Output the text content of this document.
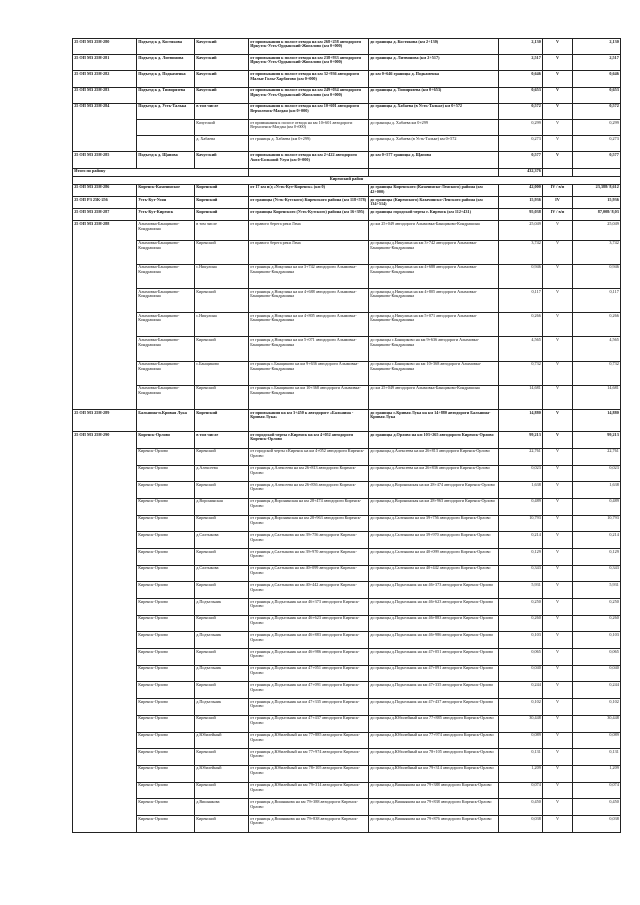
25 ОП МЗ 25Н-280	Подъезд к д. Костякова	Качугский	от примыкания к полосе отвода на км 268+258 автодороги Иркутск-Усть-Ордынский-Жигалово (км 0+000)	до границы д. Костякова (км 2+130)	2,130	V	2,130
25 ОП МЗ 25Н-281	Подъезд к д. Литвинова	Качугский	от примыкания к полосе отвода на км 238+933 автодороги Иркутск-Усть-Ордынский-Жигалово (км 0+000)	до границы д. Литвинова (км 2+517)	2,517	V	2,517
25 ОП МЗ 25Н-282	Подъезд к д. Подкаменка	Качугский	от примыкания к полосе отвода на км 32+936 автодороги Малые Голы-Харбатово (км 0+000)	до км 0+646 границы д. Подкаменка	0,646	V	0,646
25 ОП МЗ 25Н-283	Подъезд к д. Тимирязева	Качугский	от примыкания к полосе отвода на км 249+034 автодороги Иркутск-Усть-Ордынский-Жигалово (км 0+000)	до границы д. Тимирязева (км 0+653)	0,653	V	0,653
25 ОП МЗ 25Н-284	Подъезд к д. Усть-Талька	в том числе	от примыкания к полосе отвода на км 10+601 автодороги Верхоленск-Магдан (км 0+000)	до границы д. Хабаева (в Усть-Тальке) км 0+572	0,572	V	0,572
		Качугский	от примыкания к полосе отвода на км 10+601 автодороги Верхоленск-Магдан (км 0+000)	до границы д. Хабаева км 0+299	0,299	V	0,299
		д. Хабаева	от границы д. Хабаева (км 0+299)	до границы д. Хабаева (в Усть-Тальке) км 0+572	0,273	V	0,273
25 ОП МЗ 25Н-285	Подъезд к д. Щапова	Качугский	от примыкания к полосе отвода на км 2+422 автодороги Анга-Большой Улун (км 0+000)	до км 0+577 границы д. Щапова	0,577	V	0,577
Итого по району					432,376		
Киренский район							
25 ОП МЗ 25Н-286	Киренск-Казачинское	Киренский	от 17 км п/д «Усть-Кут-Киренск» (км 0)	до границы Киренского (Казачинско-Ленского) района (км 42+000)	42,000	IV / в/п	23,388/ 8,612
25 ОП РЗ 25К-256	Усть-Кут-Уоян	Киренский	от границы (Усть-Кутского) Киренского района (км 118+578)	до границы (Киренского) Казачинско-Ленского района (км 134+514)	15,936	IV	15,936
25 ОП МЗ 25Н-287	Усть-Кут-Киренск	Киренский	от границы Киренского (Усть-Кутского) района (км 16+395)	до границы городской черты г. Киренск (км 112+431)	95,038	IV / в/п	87,008/ 8,03
25 ОП МЗ 25Н-288	Алымовка-Банщиково-Кондрашина	в том числе	от правого берега реки Лена	до км 25+049 автодороги Алымовка-Банщиково-Кондрашина	25,049	V	25,049
	Алымовка-Банщиково-Кондрашина	Киренский	от правого берега реки Лена	до границы д.Никулина на км 3+742 автодороги Алымовка-Банщиково-Кондрашина	3,742	V	3,742
	Алымовка-Банщиково-Кондрашина	с.Никулина	от границы д.Никулина на км 3+742 автодороги Алымовка-Банщиково-Кондрашина	до границы д.Никулина на км 4+688 автодороги Алымовка-Банщиково-Кондрашина	0,946	V	0,946
	Алымовка-Банщиково-Кондрашина	Киренский	от границы д.Никулина на км 4+688 автодороги Алымовка-Банщиково-Кондрашина	до границы д.Никулина на км 4+805 автодороги Алымовка-Банщиково-Кондрашина	0,117	V	0,117
	Алымовка-Банщиково-Кондрашина	с.Никулина	от границы д.Никулина на км 4+805 автодороги Алымовка-Банщиково-Кондрашина	до границы д.Никулина на км 5+071 автодороги Алымовка-Банщиково-Кондрашина	0,266	V	0,266
	Алымовка-Банщиково-Кондрашина	Киренский	от границы д.Никулина на км 5+071 автодороги Алымовка-Банщиково-Кондрашина	до границы с.Банщиково на км 9+636 автодороги Алымовка-Банщиково-Кондрашина	4,565	V	4,565
	Алымовка-Банщиково-Кондрашина	с.Банщиково	от границы с.Банщиково на км 9+636 автодороги Алымовка-Банщиково-Кондрашина	до границы с.Банщиково на км 10+368 автодороги Алымовка-Банщиково-Кондрашина	0,732	V	0,732
	Алымовка-Банщиково-Кондрашина	Киренский	от границы с.Банщиково на км 10+368 автодороги Алымовка-Банщиково-Кондрашина	до км 25+049 автодороги Алымовка-Банщиково-Кондрашина	14,681	V	14,681
25 ОП МЗ 25Н-289	Бальнина-п.Кривая Лука	Киренский	от примыкания на км 3+450 к автодороге «Бальнина - Кривая Лука»	до границы с.Кривая Лука на км 14+880 автодороги Бальнина-Кривая Лука	14,880	V	14,880
25 ОП МЗ 25Н-290	Киренск-Орлово	в том числе	от городской черты г.Киренск на км 4+052 автодороги Киренск-Орлово	до границы д.Орлово на км 103+265 автодороги Киренск-Орлово	99,213	V	99,213
	Киренск-Орлово	Киренский	от городской черты г.Киренск на км 4+052 автодороги Киренск-Орлово	до границы д.Алексеева на км 26+813 автодороги Киренск-Орлово	22,761	V	22,761
	Киренск-Орлово	д.Алексеева	от границы д.Алексеева на км 26+813 автодороги Киренск-Орлово	до границы д.Алексеева на км 26+836 автодороги Киренск-Орлово	0,023	V	0,023
	Киренск-Орлово	Киренский	от границы д.Алексеева на км 26+836 автодороги Киренск-Орлово	до границы д.Воронинская на км 28+474 автодороги Киренск-Орлово	1,638	V	1,638
	Киренск-Орлово	д.Воронинская	от границы д.Воронинская на км 28+474 автодороги Киренск-Орлово	до границы д.Воронинская на км 28+963 автодороги Киренск-Орлово	0,489	V	0,489
	Киренск-Орлово	Киренский	от границы д.Воронинская на км 28+963 автодороги Киренск-Орлово	до границы д.Салтыкова на км 39+756 автодороги Киренск-Орлово	10,793	V	10,793
	Киренск-Орлово	д.Салтыкова	от границы д.Салтыкова на км 39+756 автодороги Киренск-Орлово	до границы д.Салтыкова на км 39+970 автодороги Киренск-Орлово	0,214	V	0,214
	Киренск-Орлово	Киренский	от границы д.Салтыкова на км 39+970 автодороги Киренск-Орлово	до границы д.Салтыкова на км 40+099 автодороги Киренск-Орлово	0,129	V	0,129
	Киренск-Орлово	д.Салтыкова	от границы д.Салтыкова на км 40+099 автодороги Киренск-Орлово	до границы д.Салтыкова на км 40+442 автодороги Киренск-Орлово	0,343	V	0,343
	Киренск-Орлово	Киренский	от границы д.Салтыкова на км 40+442 автодороги Киренск-Орлово	до границы д.Подъельник на км 46+373 автодороги Киренск-Орлово	5,931	V	5,931
	Киренск-Орлово	д.Подъельник	от границы д.Подъельник на км 46+373 автодороги Киренск-Орлово	до границы д.Подъельник на км 46+623 автодороги Киренск-Орлово	0,250	V	0,250
	Киренск-Орлово	Киренский	от границы д.Подъельник на км 46+623 автодороги Киренск-Орлово	до границы д.Подъельник на км 46+883 автодороги Киренск-Орлово	0,260	V	0,260
	Киренск-Орлово	д.Подъельник	от границы д.Подъельник на км 46+883 автодороги Киренск-Орлово	до границы д.Подъельник на км 46+986 автодороги Киренск-Орлово	0,103	V	0,103
	Киренск-Орлово	Киренский	от границы д.Подъельник на км 46+986 автодороги Киренск-Орлово	до границы д.Подъельник на км 47+051 автодороги Киренск-Орлово	0,065	V	0,065
	Киренск-Орлово	д.Подъельник	от границы д.Подъельник на км 47+051 автодороги Киренск-Орлово	до границы д.Подъельник на км 47+091 автодороги Киренск-Орлово	0,040	V	0,040
	Киренск-Орлово	Киренский	от границы д.Подъельник на км 47+091 автодороги Киренск-Орлово	до границы д.Подъельник на км 47+335 автодороги Киренск-Орлово	0,244	V	0,244
	Киренск-Орлово	д.Подъельник	от границы д.Подъельник на км 47+335 автодороги Киренск-Орлово	до границы д.Подъельник на км 47+437 автодороги Киренск-Орлово	0,102	V	0,102
	Киренск-Орлово	Киренский	от границы д.Подъельник на км 47+437 автодороги Киренск-Орлово	до границы д.Юбилейный на км 77+885 автодороги Киренск-Орлово	30,448	V	30,448
	Киренск-Орлово	д.Юбилейный	от границы д.Юбилейный на км 77+885 автодороги Киренск-Орлово	до границы д.Юбилейный на км 77+974 автодороги Киренск-Орлово	0,089	V	0,089
	Киренск-Орлово	Киренский	от границы д.Юбилейный на км 77+974 автодороги Киренск-Орлово	до границы д.Юбилейный на км 78+105 автодороги Киренск-Орлово	0,131	V	0,131
	Киренск-Орлово	д.Юбилейный	от границы д.Юбилейный на км 78+105 автодороги Киренск-Орлово	до границы д.Юбилейный на км 79+314 автодороги Киренск-Орлово	1,209	V	1,209
	Киренск-Орлово	Киренский	от границы д.Юбилейный на км 79+314 автодороги Киренск-Орлово	до границы д.Вишнякова на км 79+388 автодороги Киренск-Орлово	0,074	V	0,074
	Киренск-Орлово	д.Вишнякова	от границы д.Вишнякова на км 79+388 автодороги Киренск-Орлово	до границы д.Вишнякова на км 79+838 автодороги Киренск-Орлово	0,450	V	0,450
	Киренск-Орлово	Киренский	от границы д.Вишнякова на км 79+838 автодороги Киренск-Орлово	до границы д.Вишнякова на км 79+876 автодороги Киренск-Орлово	0,038	V	0,038
